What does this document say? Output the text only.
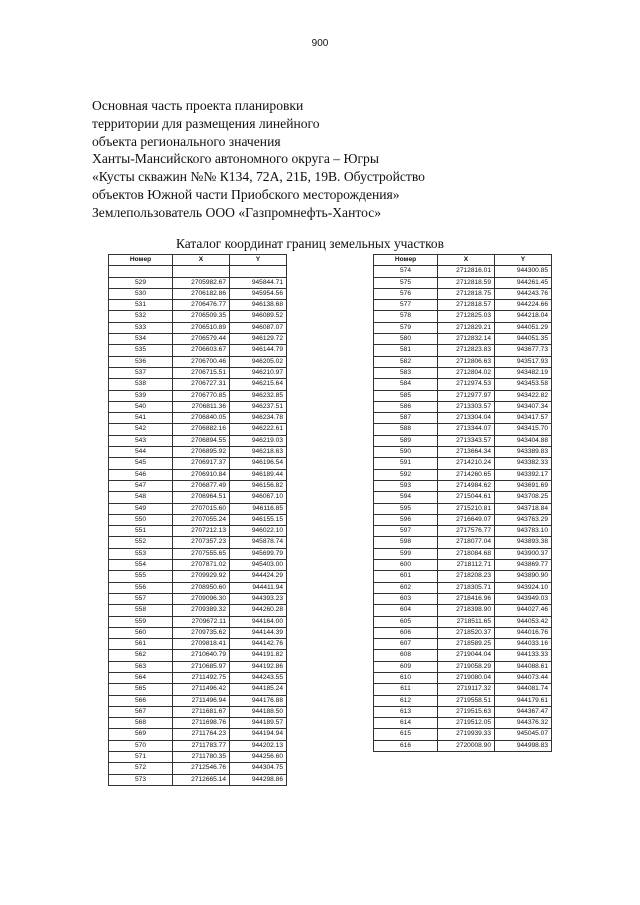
900
Основная часть проекта планировки
территории для размещения линейного
объекта регионального значения
Ханты-Мансийского автономного округа – Югры
«Кусты скважин №№ К134, 72А, 21Б, 19В. Обустройство
объектов Южной части Приобского месторождения»
Землепользователь ООО «Газпромнефть-Хантос»
Каталог координат границ земельных участков
Номер	X	Y

529	2705982.67	945844.71
530	2706182.86	945954.56
531	2706476.77	946138.68
532	2706509.35	946089.52
533	2706510.89	946087.07
534	2706579.44	946129.72
535	2706603.67	946144.79
536	2706700.46	946205.02
537	2706715.51	946210.97
538	2706727.31	946215.64
539	2706770.85	946232.85
540	2706811.36	946237.51
541	2706840.05	946234.78
542	2706882.16	946222.61
543	2706894.55	946219.03
544	2706895.92	946218.63
545	2706917.37	946196.54
546	2706910.84	946189.44
547	2706877.49	946156.82
548	2706964.51	946067.10
549	2707015.60	946116.85
550	2707055.24	946155.15
551	2707212.13	946022.10
552	2707357.23	945878.74
553	2707555.65	945699.79
554	2707871.02	945403.00
555	2709929.92	944424.29
556	2708950.60	944411.94
557	2709096.30	944393.23
558	2709389.32	944260.28
559	2709672.11	944164.00
560	2709735.62	944144.39
561	2709818.41	944142.76
562	2710640.79	944191.82
563	2710685.97	944192.86
564	2711492.75	944243.55
565	2711496.42	944185.24
566	2711496.94	944176.88
567	2711681.67	944188.50
568	2711698.76	944189.57
569	2711764.23	944194.94
570	2711783.77	944202.13
571	2711780.35	944256.60
572	2712546.76	944304.75
573	2712665.14	944298.86
Номер	X	Y
574	2712816.01	944300.85
575	2712818.59	944261.45
576	2712818.75	944243.76
577	2712818.57	944224.66
578	2712825.03	944218.04
579	2712829.21	944051.29
580	2712832.14	944051.35
581	2712823.83	943677.73
582	2712806.63	943517.93
583	2712804.02	943482.19
584	2712974.53	943453.58
585	2712977.97	943422.82
586	2713303.57	943407.34
587	2713304.04	943417.57
588	2713344.07	943415.70
589	2713343.57	943404.88
590	2713664.34	943389.83
591	2714210.24	943382.33
592	2714260.65	943392.17
593	2714984.62	943691.69
594	2715044.61	943708.25
595	2715210.81	943718.84
596	2716649.07	943763.29
597	2717576.77	943783.10
598	2718077.04	943893.38
599	2718084.68	943900.37
600	2718112.71	943869.77
601	2718208.23	943890.90
602	2718305.71	943924.10
603	2718416.96	943949.03
604	2718398.90	944027.46
605	2718511.65	944053.42
606	2718520.37	944016.76
607	2718589.25	944033.16
608	2719044.04	944133.33
609	2719058.29	944088.61
610	2719080.04	944073.44
611	2719117.32	944081.74
612	2719558.51	944179.61
613	2719515.63	944367.47
614	2719512.05	944376.32
615	2719939.33	945045.07
616	2720008.90	944998.83
